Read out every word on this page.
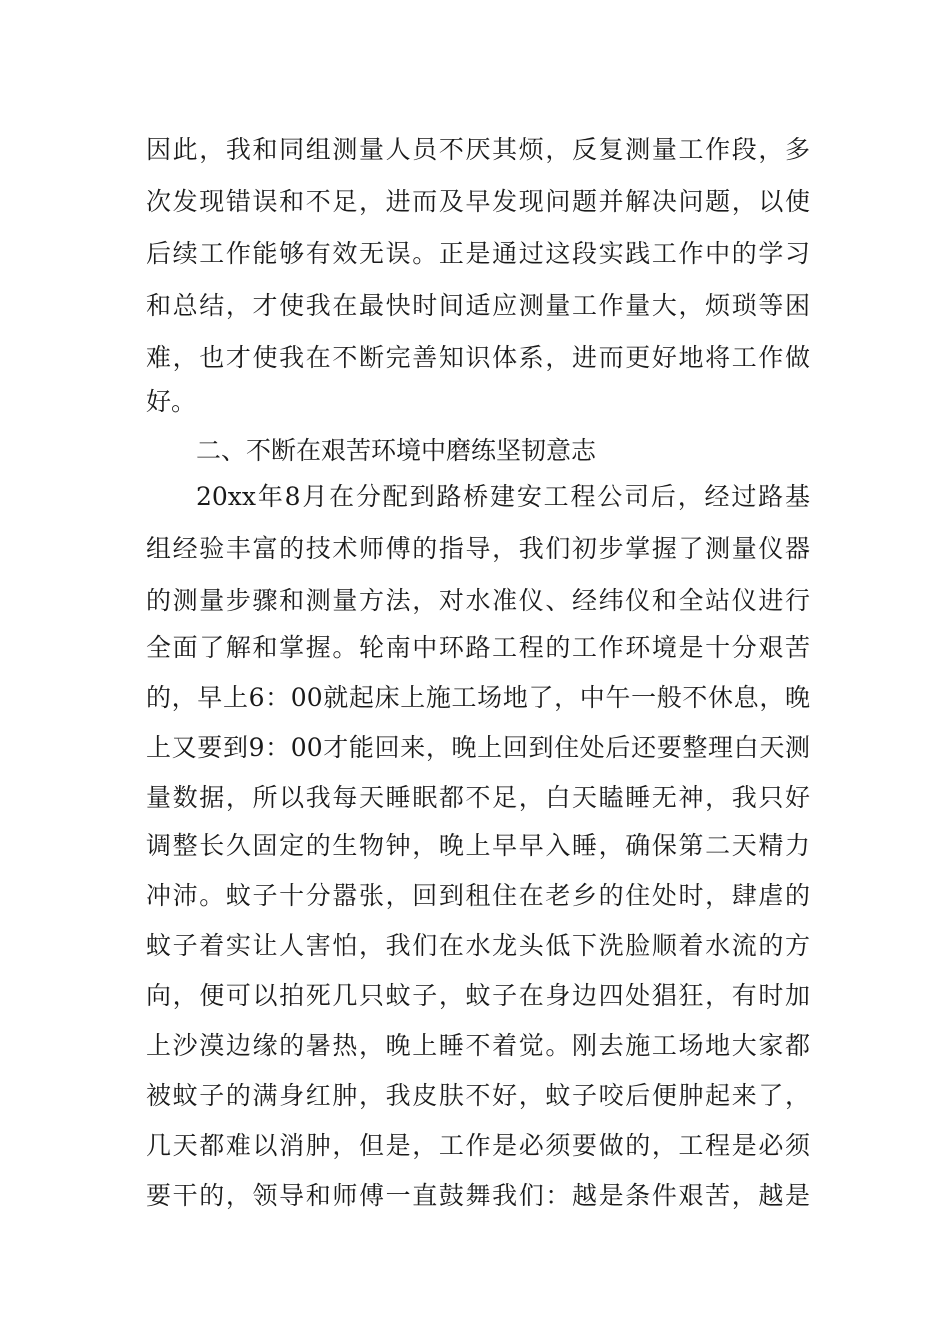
因此，我和同组测量人员不厌其烦，反复测量工作段，多
次发现错误和不足，进而及早发现问题并解决问题，以使
后续工作能够有效无误。正是通过这段实践工作中的学习
和总结，才使我在最快时间适应测量工作量大，烦琐等困
难，也才使我在不断完善知识体系，进而更好地将工作做
好。
二、不断在艰苦环境中磨练坚韧意志
20xx年8月在分配到路桥建安工程公司后，经过路基
组经验丰富的技术师傅的指导，我们初步掌握了测量仪器
的测量步骤和测量方法，对水准仪、经纬仪和全站仪进行
全面了解和掌握。轮南中环路工程的工作环境是十分艰苦
的，早上6：00就起床上施工场地了，中午一般不休息，晚
上又要到9：00才能回来，晚上回到住处后还要整理白天测
量数据，所以我每天睡眠都不足，白天瞌睡无神，我只好
调整长久固定的生物钟，晚上早早入睡，确保第二天精力
冲沛。蚊子十分嚣张，回到租住在老乡的住处时，肆虐的
蚊子着实让人害怕，我们在水龙头低下洗脸顺着水流的方
向，便可以拍死几只蚊子，蚊子在身边四处猖狂，有时加
上沙漠边缘的暑热，晚上睡不着觉。刚去施工场地大家都
被蚊子的满身红肿，我皮肤不好，蚊子咬后便肿起来了，
几天都难以消肿，但是，工作是必须要做的，工程是必须
要干的，领导和师傅一直鼓舞我们：越是条件艰苦，越是
